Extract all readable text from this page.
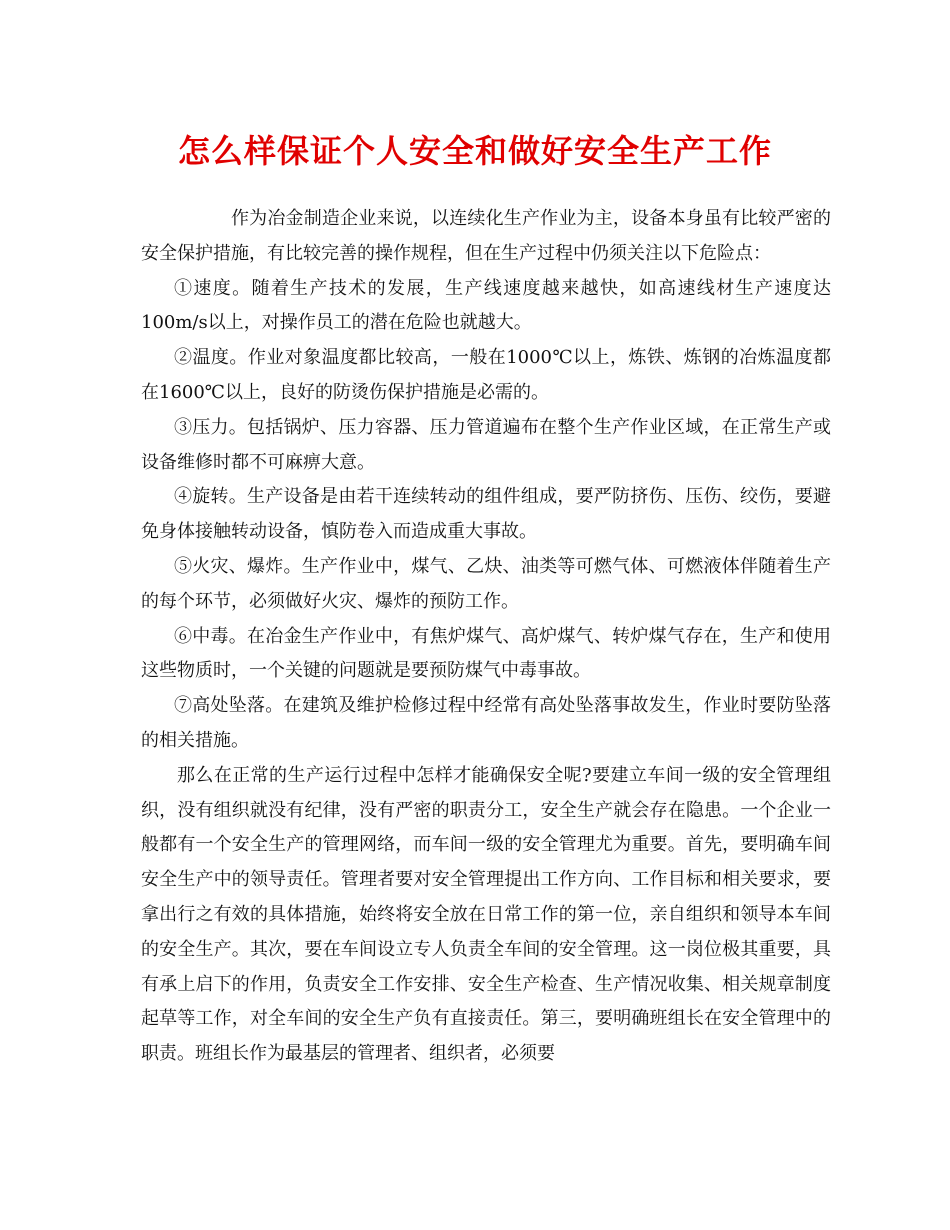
怎么样保证个人安全和做好安全生产工作

作为冶金制造企业来说，以连续化生产作业为主，设备本身虽有比较严密的安全保护措施，有比较完善的操作规程，但在生产过程中仍须关注以下危险点：

①速度。随着生产技术的发展，生产线速度越来越快，如高速线材生产速度达100m/s以上，对操作员工的潜在危险也就越大。

②温度。作业对象温度都比较高，一般在1000℃以上，炼铁、炼钢的冶炼温度都在1600℃以上，良好的防烫伤保护措施是必需的。

③压力。包括锅炉、压力容器、压力管道遍布在整个生产作业区域，在正常生产或设备维修时都不可麻痹大意。

④旋转。生产设备是由若干连续转动的组件组成，要严防挤伤、压伤、绞伤，要避免身体接触转动设备，慎防卷入而造成重大事故。

⑤火灾、爆炸。生产作业中，煤气、乙炔、油类等可燃气体、可燃液体伴随着生产的每个环节，必须做好火灾、爆炸的预防工作。

⑥中毒。在冶金生产作业中，有焦炉煤气、高炉煤气、转炉煤气存在，生产和使用这些物质时，一个关键的问题就是要预防煤气中毒事故。

⑦高处坠落。在建筑及维护检修过程中经常有高处坠落事故发生，作业时要防坠落的相关措施。

那么在正常的生产运行过程中怎样才能确保安全呢?要建立车间一级的安全管理组织，没有组织就没有纪律，没有严密的职责分工，安全生产就会存在隐患。一个企业一般都有一个安全生产的管理网络，而车间一级的安全管理尤为重要。首先，要明确车间安全生产中的领导责任。管理者要对安全管理提出工作方向、工作目标和相关要求，要拿出行之有效的具体措施，始终将安全放在日常工作的第一位，亲自组织和领导本车间的安全生产。其次，要在车间设立专人负责全车间的安全管理。这一岗位极其重要，具有承上启下的作用，负责安全工作安排、安全生产检查、生产情况收集、相关规章制度起草等工作，对全车间的安全生产负有直接责任。第三，要明确班组长在安全管理中的职责。班组长作为最基层的管理者、组织者，必须要
